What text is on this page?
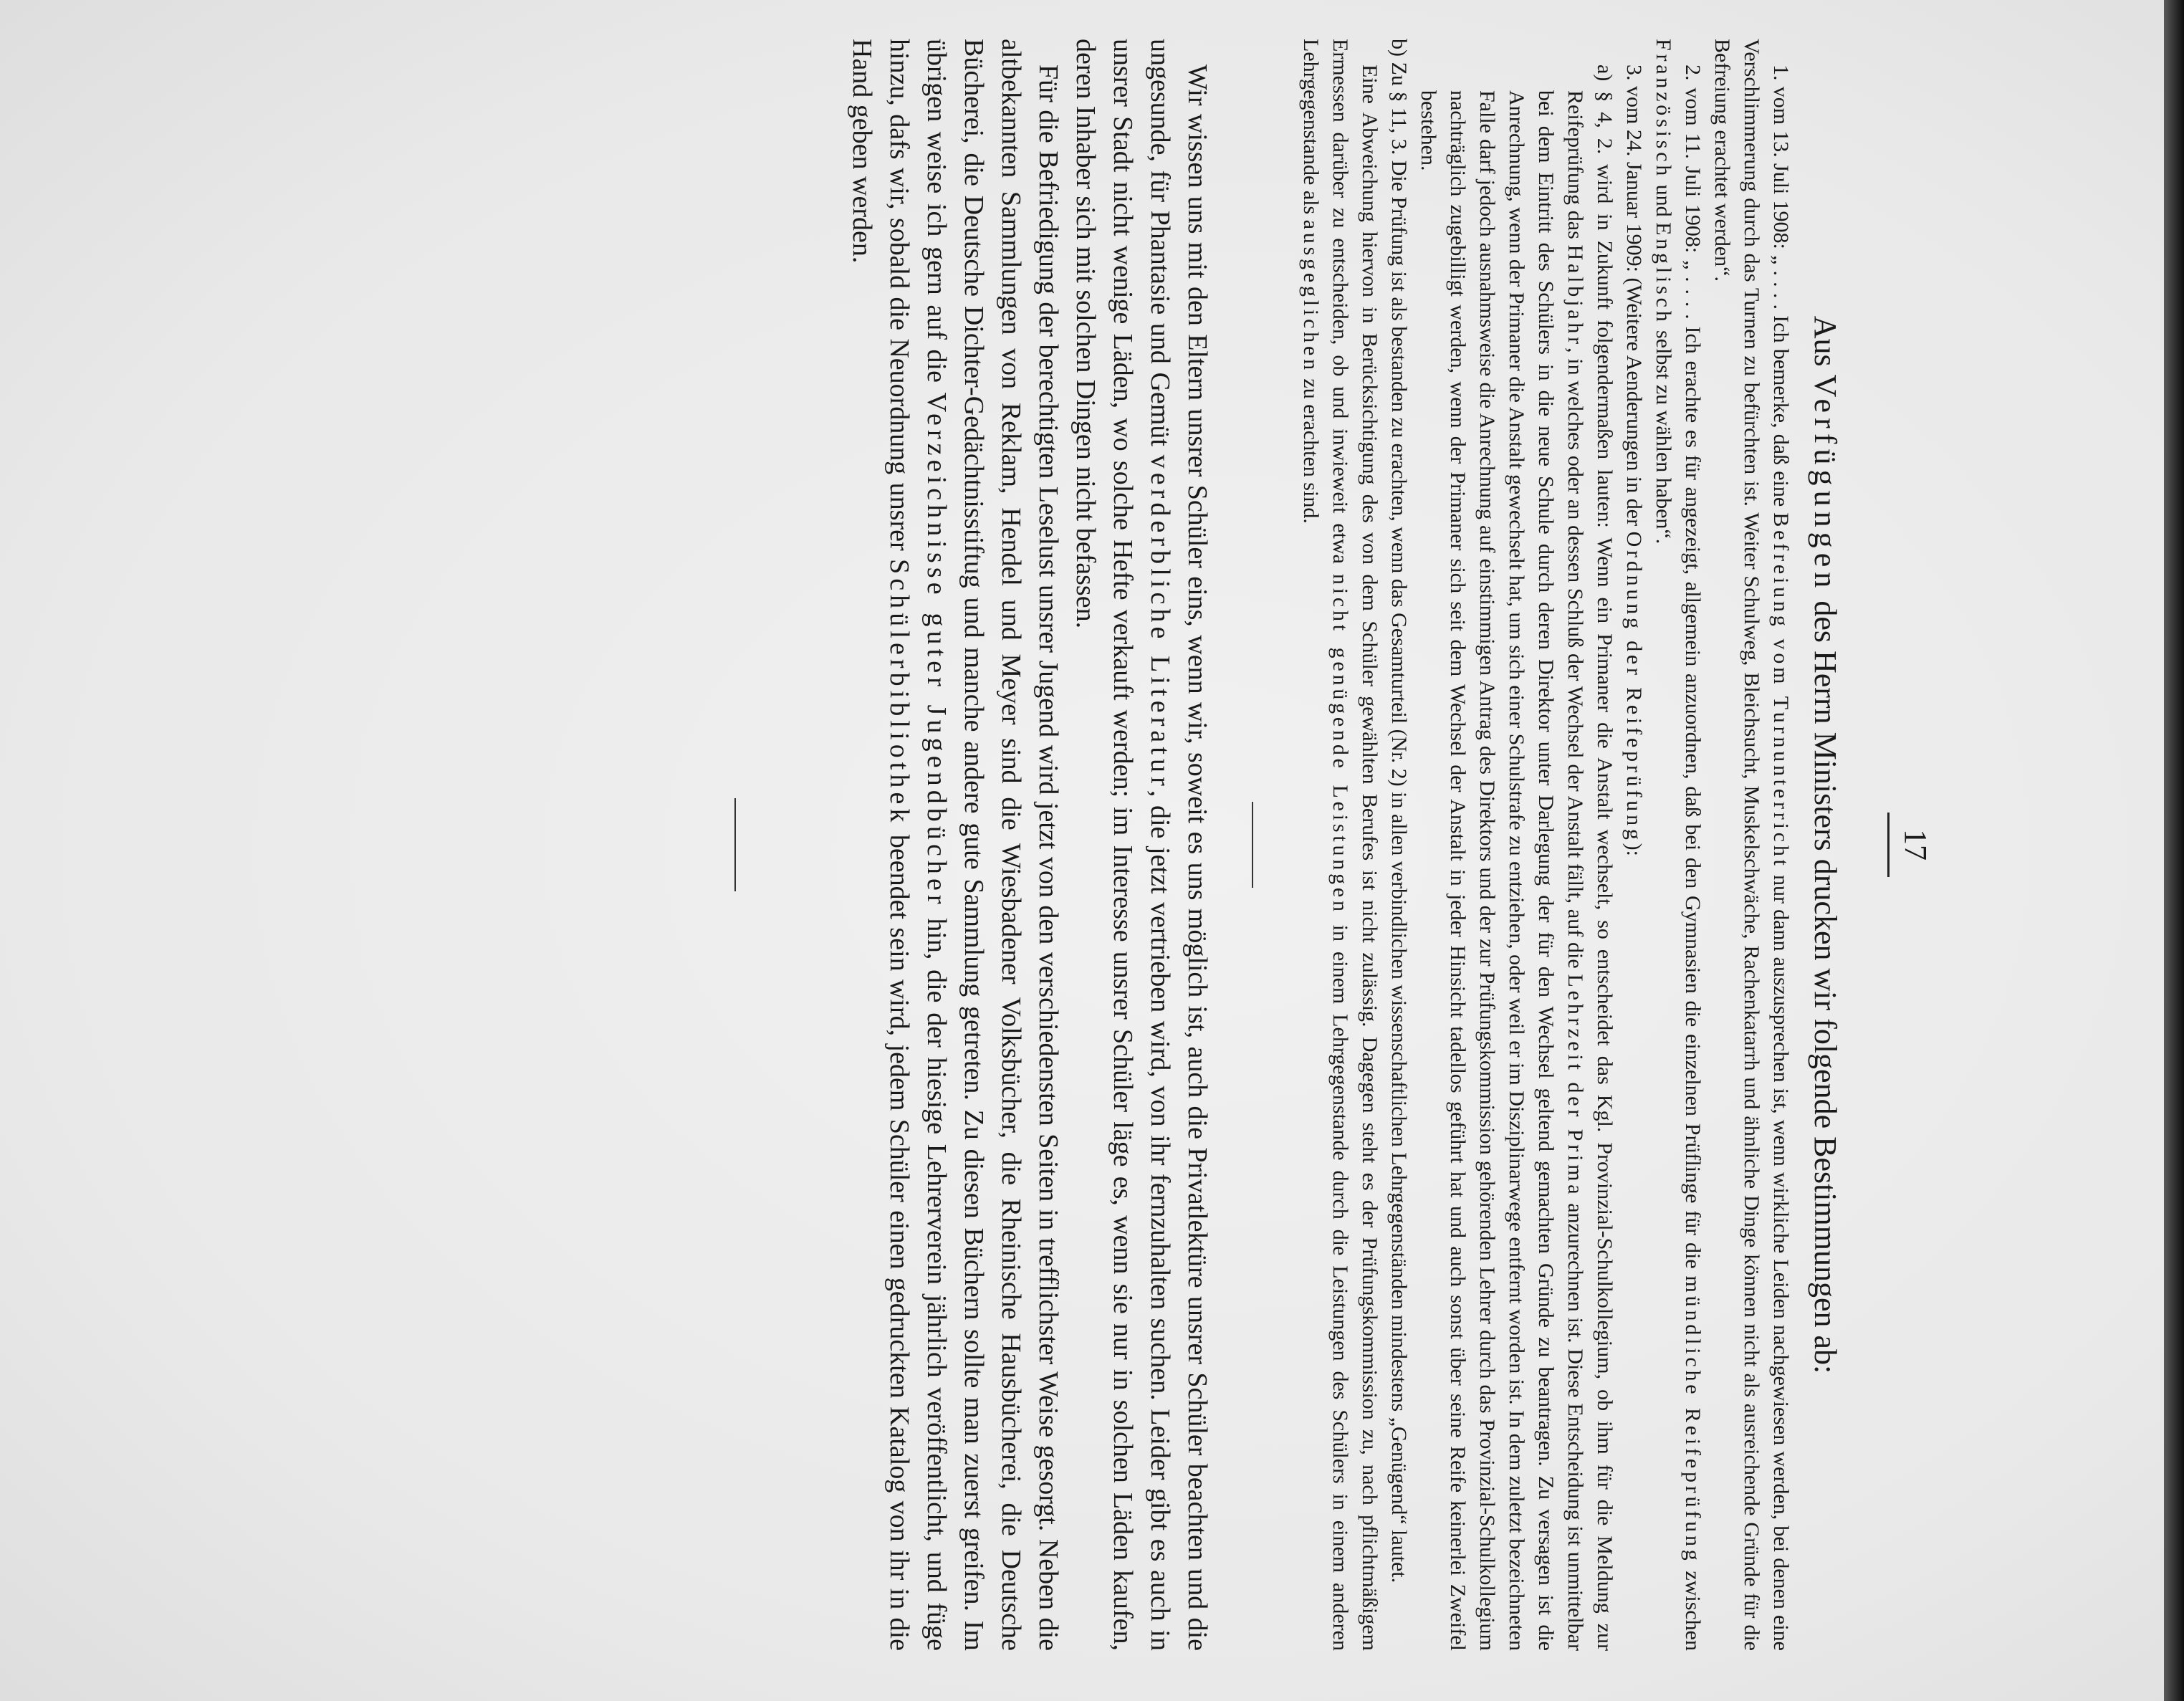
17
Aus Verfügungen des Herrn Ministers drucken wir folgende Bestimmungen ab:

1. vom 13. Juli 1908: „ . . . . Ich bemerke, daß eine Befreiung vom Turnunterricht nur dann auszusprechen ist, wenn wirkliche Leiden nachgewiesen werden, bei denen eine Verschlimmerung durch das Turnen zu befürchten ist. Weiter Schulweg, Bleichsucht, Muskelschwäche, Rachenkatarrh und ähnliche Dinge können nicht als ausreichende Gründe für die Befreiung erachtet werden“.

2. vom 11. Juli 1908: „ . . . . Ich erachte es für angezeigt, allgemein anzuordnen, daß bei den Gymnasien die einzelnen Prüflinge für die mündliche Reifeprüfung zwischen Französisch und Englisch selbst zu wählen haben“.

3. vom 24. Januar 1909: (Weitere Aenderungen in der Ordnung der Reifeprüfung):

a) § 4, 2. wird in Zukunft folgendermaßen lauten: Wenn ein Primaner die Anstalt wechselt, so entscheidet das Kgl. Provinzial-Schulkollegium, ob ihm für die Meldung zur Reifeprüfung das Halbjahr, in welches oder an dessen Schluß der Wechsel der Anstalt fällt, auf die Lehrzeit der Prima anzurechnen ist. Diese Entscheidung ist unmittelbar bei dem Eintritt des Schülers in die neue Schule durch deren Direktor unter Darlegung der für den Wechsel geltend gemachten Gründe zu beantragen. Zu versagen ist die Anrechnung, wenn der Primaner die Anstalt gewechselt hat, um sich einer Schulstrafe zu entziehen, oder weil er im Disziplinarwege entfernt worden ist. In dem zuletzt bezeichneten Falle darf jedoch ausnahmsweise die Anrechnung auf einstimmigen Antrag des Direktors und der zur Prüfungskommission gehörenden Lehrer durch das Provinzial-Schulkollegium nachträglich zugebilligt werden, wenn der Primaner sich seit dem Wechsel der Anstalt in jeder Hinsicht tadellos geführt hat und auch sonst über seine Reife keinerlei Zweifel bestehen.

b) Zu § 11, 3. Die Prüfung ist als bestanden zu erachten, wenn das Gesamturteil (Nr. 2) in allen verbindlichen wissenschaftlichen Lehrgegenständen mindestens „Genügend“ lautet.

Eine Abweichung hiervon in Berücksichtigung des von dem Schüler gewählten Berufes ist nicht zulässig. Dagegen steht es der Prüfungskommission zu, nach pflichtmäßigem Ermessen darüber zu entscheiden, ob und inwieweit etwa nicht genügende Leistungen in einem Lehrgegenstande durch die Leistungen des Schülers in einem anderen Lehrgegenstande als ausgeglichen zu erachten sind.

Wir wissen uns mit den Eltern unsrer Schüler eins, wenn wir, soweit es uns möglich ist, auch die Privatlektüre unsrer Schüler beachten und die ungesunde, für Phantasie und Gemüt verderbliche Literatur, die jetzt vertrieben wird, von ihr fernzuhalten suchen. Leider gibt es auch in unsrer Stadt nicht wenige Läden, wo solche Hefte verkauft werden; im Interesse unsrer Schüler läge es, wenn sie nur in solchen Läden kaufen, deren Inhaber sich mit solchen Dingen nicht befassen.

Für die Befriedigung der berechtigten Leselust unsrer Jugend wird jetzt von den verschiedensten Seiten in trefflichster Weise gesorgt. Neben die altbekannten Sammlungen von Reklam, Hendel und Meyer sind die Wiesbadener Volksbücher, die Rheinische Hausbücherei, die Deutsche Bücherei, die Deutsche Dichter-Gedächtnisstiftug und manche andere gute Sammlung getreten. Zu diesen Büchern sollte man zuerst greifen. Im übrigen weise ich gern auf die Verzeichnisse guter Jugendbücher hin, die der hiesige Lehrerverein jährlich veröffentlicht, und füge hinzu, dafs wir, sobald die Neuordnung unsrer Schülerbibliothek beendet sein wird, jedem Schüler einen gedruckten Katalog von ihr in die Hand geben werden.
